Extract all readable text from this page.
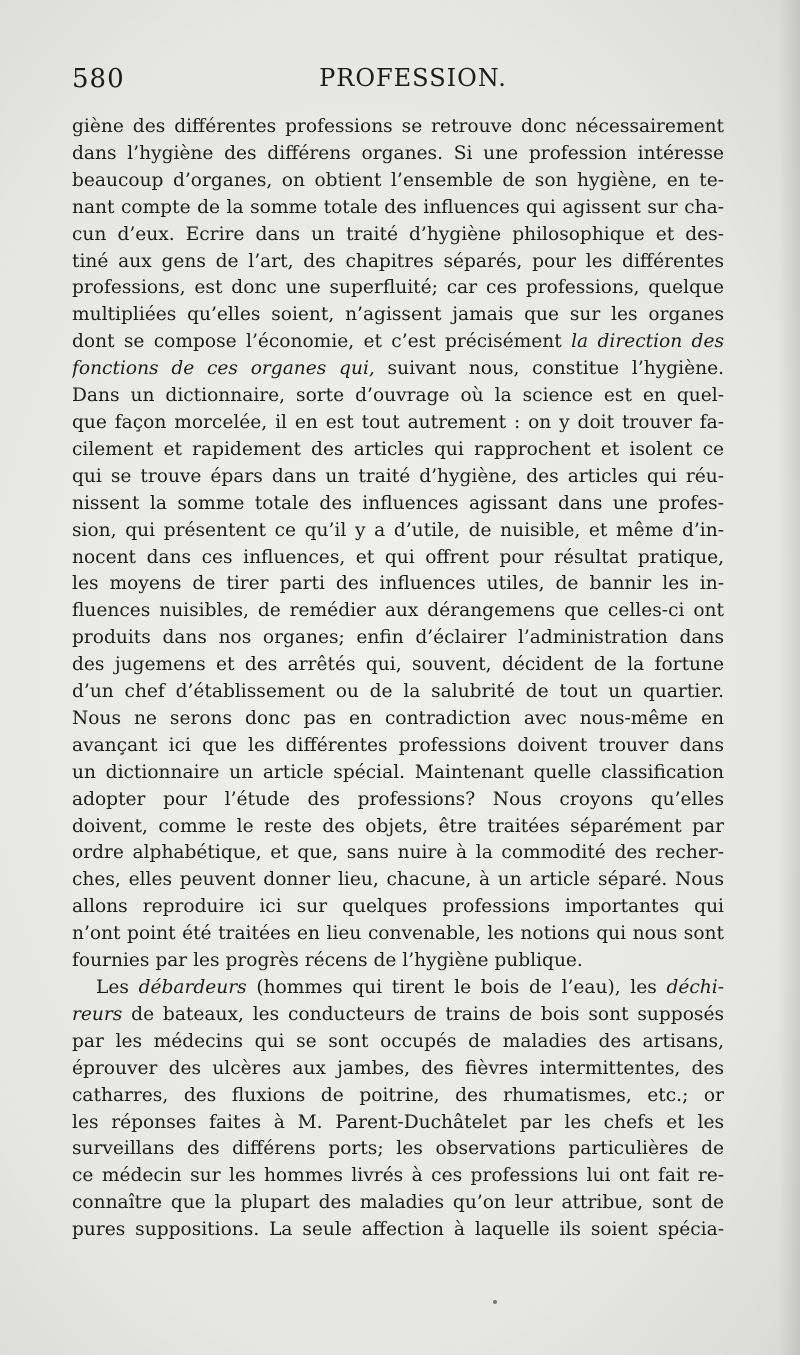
580	PROFESSION.
giène des différentes professions se retrouve donc nécessairement
dans l’hygiène des différens organes. Si une profession intéresse
beaucoup d’organes, on obtient l’ensemble de son hygiène, en te-
nant compte de la somme totale des influences qui agissent sur cha-
cun d’eux. Ecrire dans un traité d’hygiène philosophique et des-
tiné aux gens de l’art, des chapitres séparés, pour les différentes
professions, est donc une superfluité; car ces professions, quelque
multipliées qu’elles soient, n’agissent jamais que sur les organes
dont se compose l’économie, et c’est précisément la direction des
fonctions de ces organes qui, suivant nous, constitue l’hygiène.
Dans un dictionnaire, sorte d’ouvrage où la science est en quel-
que façon morcelée, il en est tout autrement : on y doit trouver fa-
cilement et rapidement des articles qui rapprochent et isolent ce
qui se trouve épars dans un traité d’hygiène, des articles qui réu-
nissent la somme totale des influences agissant dans une profes-
sion, qui présentent ce qu’il y a d’utile, de nuisible, et même d’in-
nocent dans ces influences, et qui offrent pour résultat pratique,
les moyens de tirer parti des influences utiles, de bannir les in-
fluences nuisibles, de remédier aux dérangemens que celles-ci ont
produits dans nos organes; enfin d’éclairer l’administration dans
des jugemens et des arrêtés qui, souvent, décident de la fortune
d’un chef d’établissement ou de la salubrité de tout un quartier.
Nous ne serons donc pas en contradiction avec nous-même en
avançant ici que les différentes professions doivent trouver dans
un dictionnaire un article spécial. Maintenant quelle classification
adopter pour l’étude des professions? Nous croyons qu’elles
doivent, comme le reste des objets, être traitées séparément par
ordre alphabétique, et que, sans nuire à la commodité des recher-
ches, elles peuvent donner lieu, chacune, à un article séparé. Nous
allons reproduire ici sur quelques professions importantes qui
n’ont point été traitées en lieu convenable, les notions qui nous sont
fournies par les progrès récens de l’hygiène publique.
Les débardeurs (hommes qui tirent le bois de l’eau), les déchi-
reurs de bateaux, les conducteurs de trains de bois sont supposés
par les médecins qui se sont occupés de maladies des artisans,
éprouver des ulcères aux jambes, des fièvres intermittentes, des
catharres, des fluxions de poitrine, des rhumatismes, etc.; or
les réponses faites à M. Parent-Duchâtelet par les chefs et les
surveillans des différens ports; les observations particulières de
ce médecin sur les hommes livrés à ces professions lui ont fait re-
connaître que la plupart des maladies qu’on leur attribue, sont de
pures suppositions. La seule affection à laquelle ils soient spécia-
